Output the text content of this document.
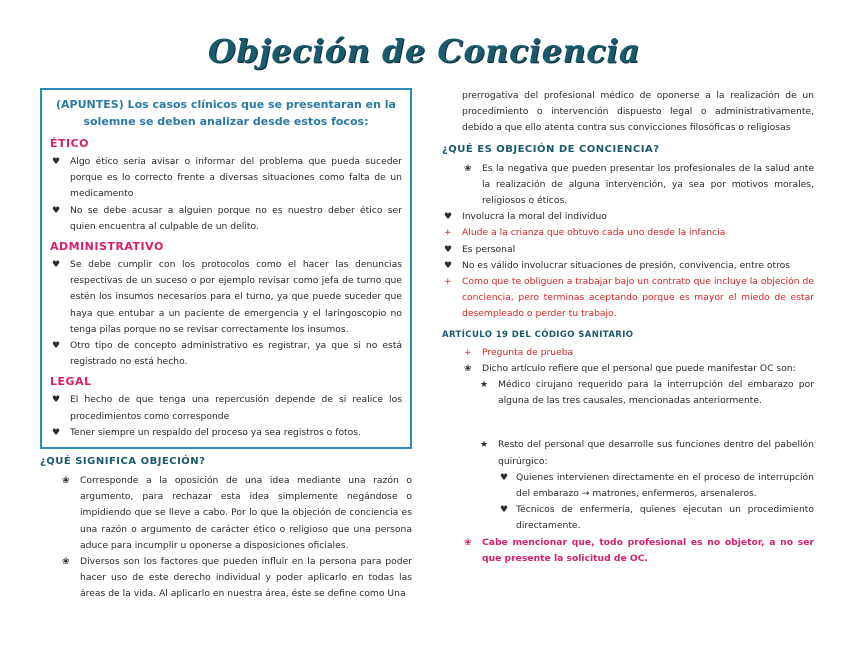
Objeción de Conciencia
(APUNTES) Los casos clínicos que se presentaran en la solemne se deben analizar desde estos focos:
ÉTICO
♥ Algo ético seria avisar o informar del problema que pueda suceder porque es lo correcto frente a diversas situaciones como falta de un medicamento
♥ No se debe acusar a alguien porque no es nuestro deber ético ser quien encuentra al culpable de un delito.
ADMINISTRATIVO
♥ Se debe cumplir con los protocolos como el hacer las denuncias respectivas de un suceso o por ejemplo revisar como jefa de turno que estén los insumos necesarios para el turno, ya que puede suceder que haya que entubar a un paciente de emergencia y el laringoscopio no tenga pilas porque no se revisar correctamente los insumos.
♥ Otro tipo de concepto administrativo es registrar, ya que si no está registrado no está hecho.
LEGAL
♥ El hecho de que tenga una repercusión depende de si realice los procedimientos como corresponde
♥ Tener siempre un respaldo del proceso ya sea registros o fotos.
¿QUÉ SIGNIFICA OBJECIÓN?
❀ Corresponde a la oposición de una idea mediante una razón o argumento, para rechazar esta idea simplemente negándose o impidiendo que se lleve a cabo. Por lo que la objeción de conciencia es una razón o argumento de carácter ético o religioso que una persona aduce para incumplir u oponerse a disposiciones oficiales.
❀ Diversos son los factores que pueden influir en la persona para poder hacer uso de este derecho individual y poder aplicarlo en todas las áreas de la vida. Al aplicarlo en nuestra área, éste se define como Una
prerrogativa del profesional médico de oponerse a la realización de un procedimiento o intervención dispuesto legal o administrativamente, debido a que ello atenta contra sus convicciones filosóficas o religiosas
¿QUÉ ES OBJECIÓN DE CONCIENCIA?
❀ Es la negativa que pueden presentar los profesionales de la salud ante la realización de alguna intervención, ya sea por motivos morales, religiosos o éticos.
♥ Involucra la moral del individuo
+ Alude a la crianza que obtuvo cada uno desde la infancia
♥ Es personal
♥ No es válido involucrar situaciones de presión, convivencia, entre otros
+ Como que te obliguen a trabajar bajo un contrato que incluye la objeción de conciencia, pero terminas aceptando porque es mayor el miedo de estar desempleado o perder tu trabajo.
ARTÍCULO 19 DEL CÓDIGO SANITARIO
+ Pregunta de prueba
❀ Dicho artículo refiere que el personal que puede manifestar OC son:
★ Médico cirujano requerido para la interrupción del embarazo por alguna de las tres causales, mencionadas anteriormente.
★ Resto del personal que desarrolle sus funciones dentro del pabellón quirúrgico:
♥ Quienes intervienen directamente en el proceso de interrupción del embarazo → matrones, enfermeros, arsenaleros.
♥ Técnicos de enfermería, quienes ejecutan un procedimiento directamente.
❀ Cabe mencionar que, todo profesional es no objetor, a no ser que presente la solicitud de OC.
